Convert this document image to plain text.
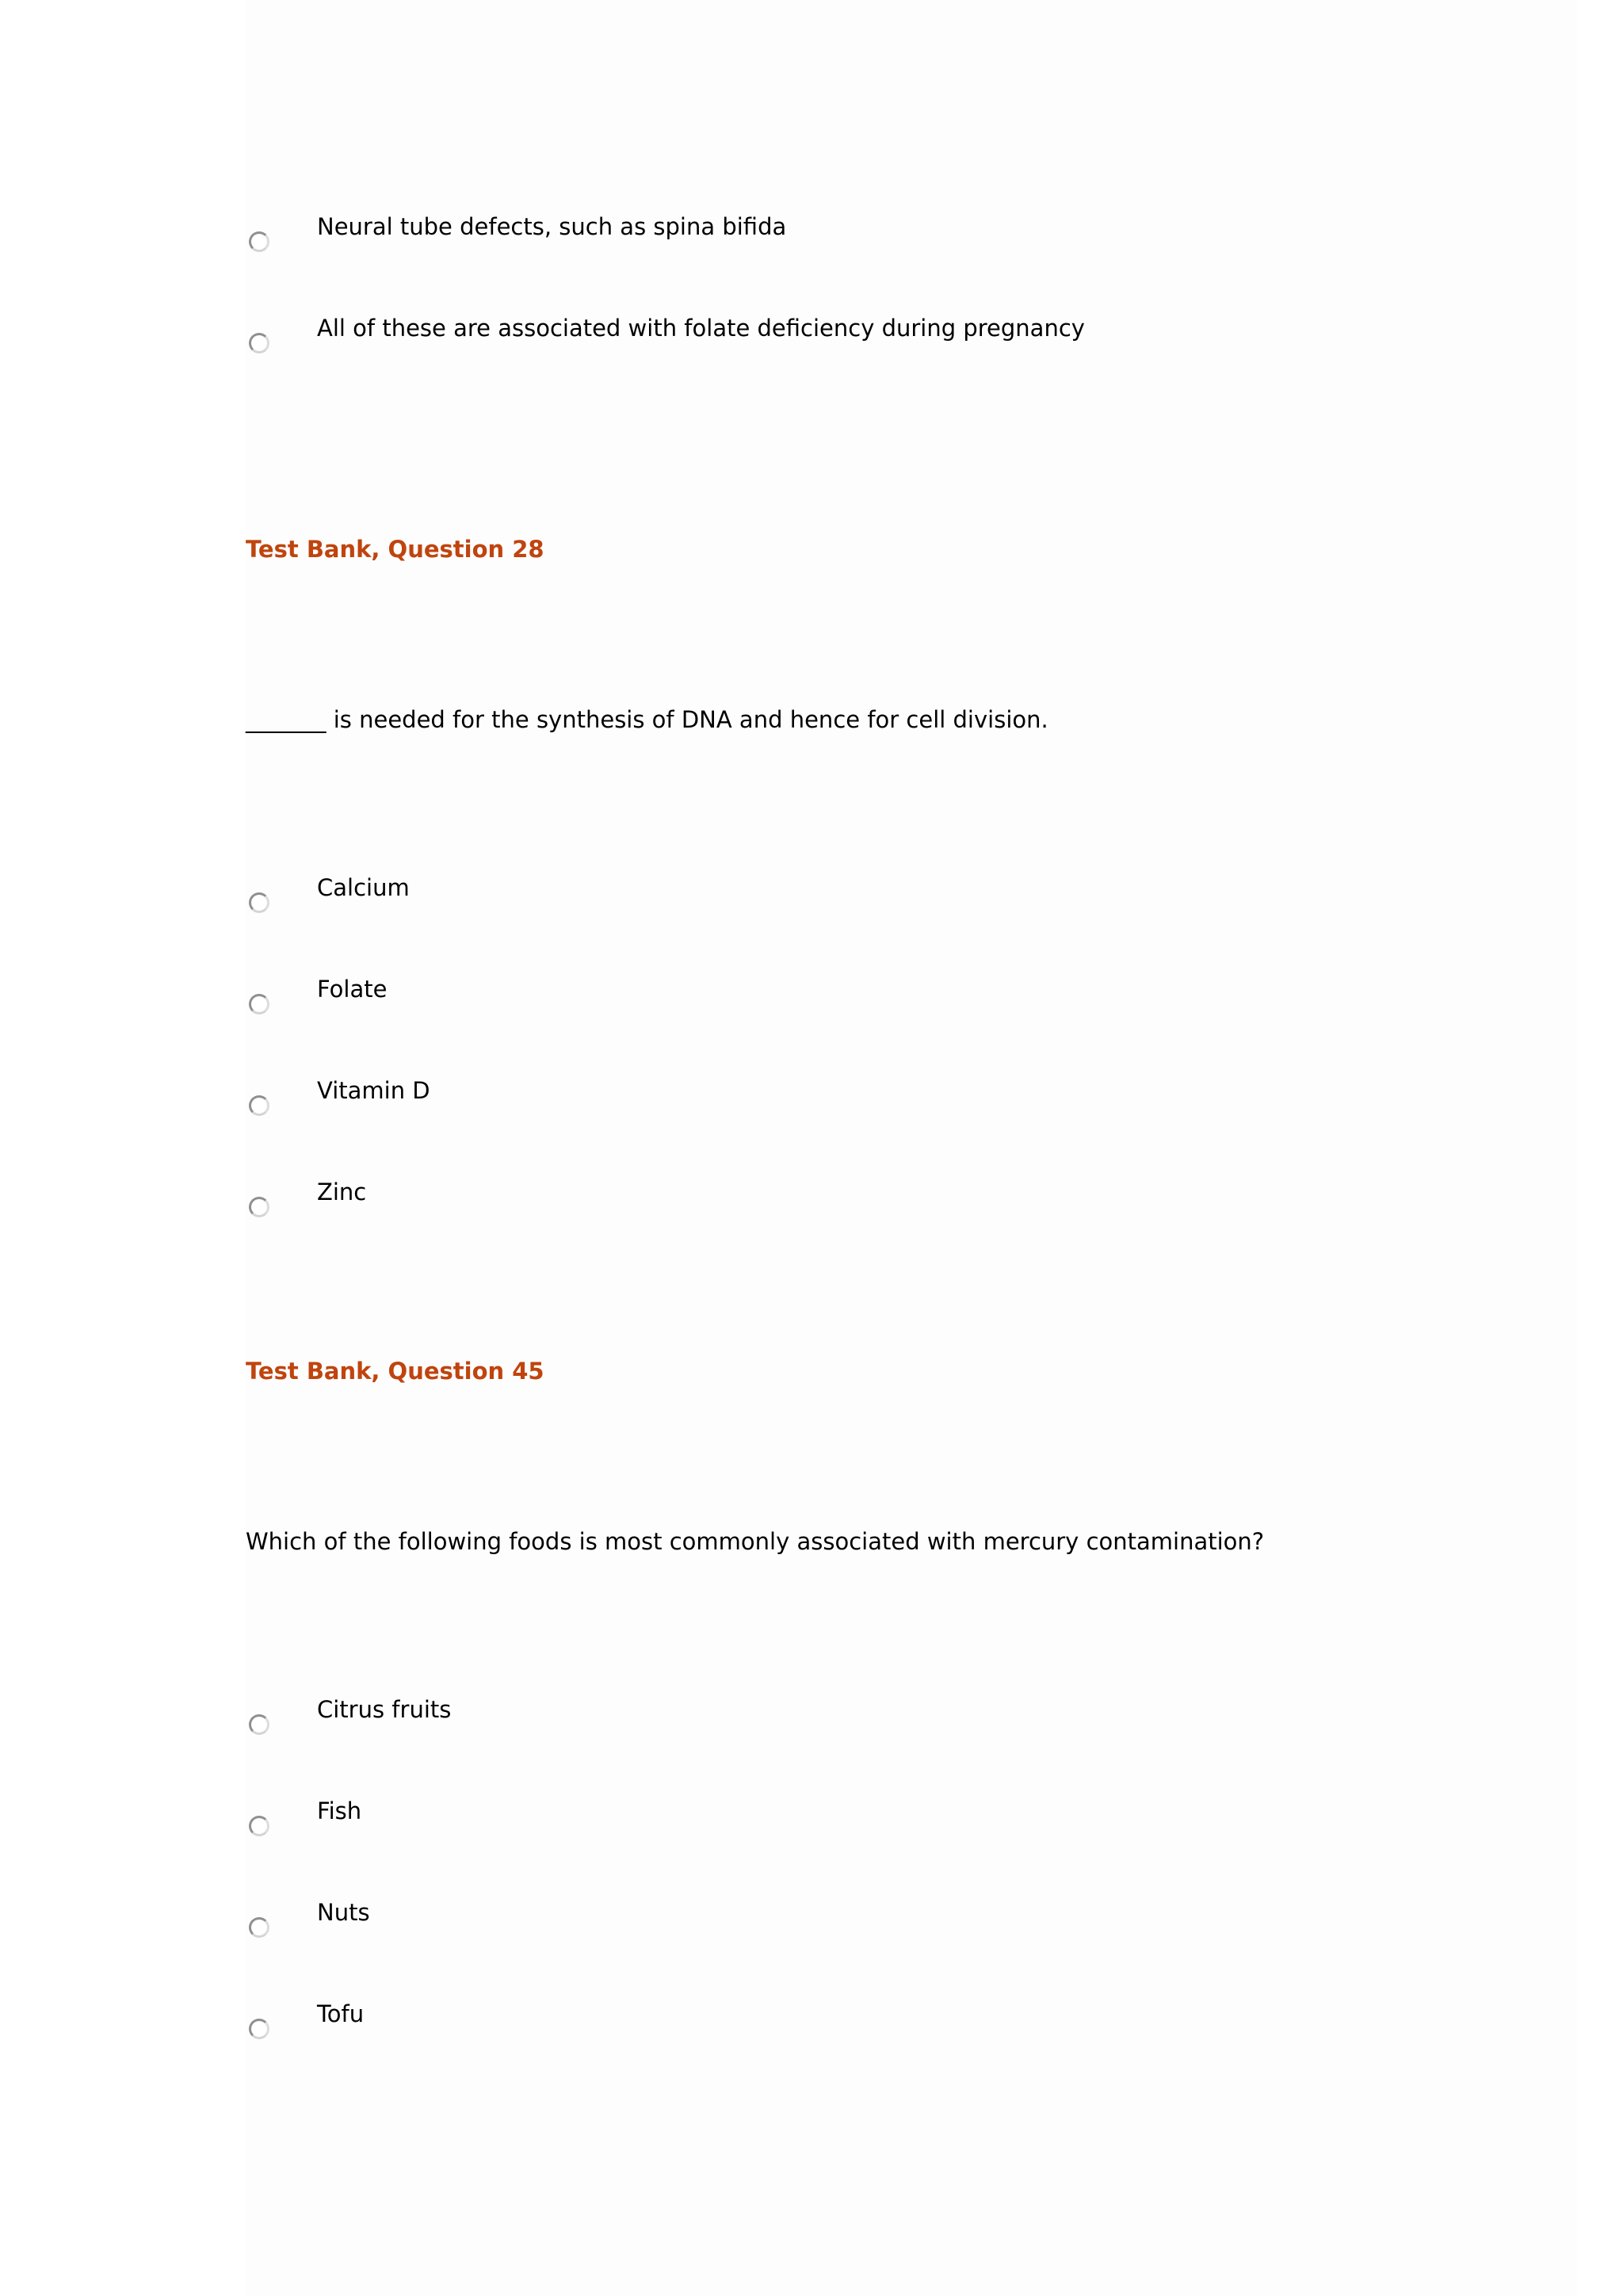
Neural tube defects, such as spina bifida
All of these are associated with folate deficiency during pregnancy
Test Bank, Question 28
_______ is needed for the synthesis of DNA and hence for cell division.
Calcium
Folate
Vitamin D
Zinc
Test Bank, Question 45
Which of the following foods is most commonly associated with mercury contamination?
Citrus fruits
Fish
Nuts
Tofu
